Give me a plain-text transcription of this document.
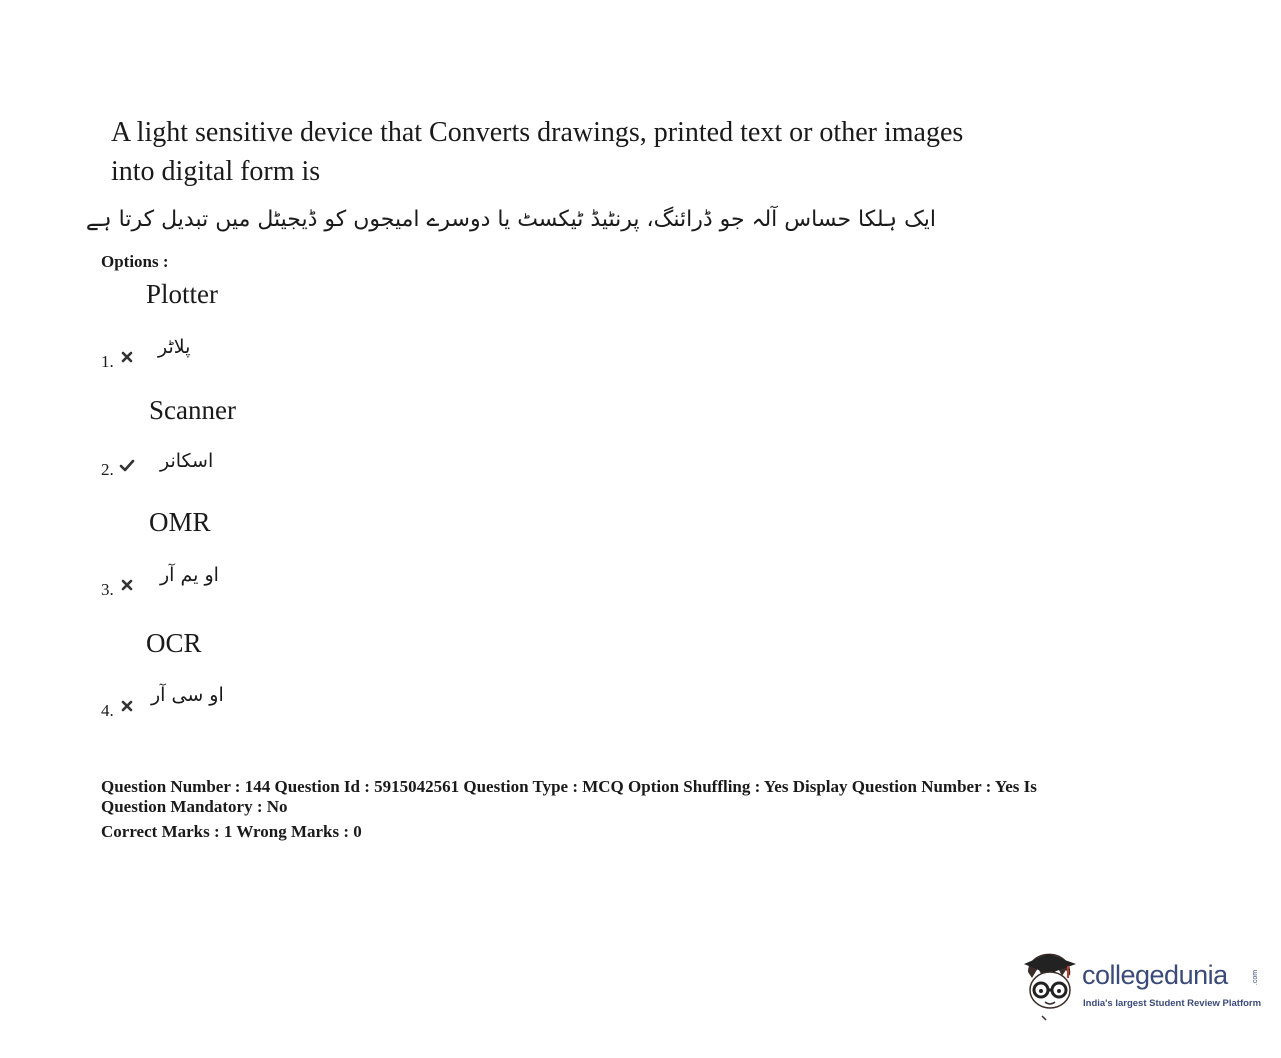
A light sensitive device that Converts drawings, printed text or other images into digital form is
ایک ہلکا حساس آلہ جو ڈرائنگ، پرنٹیڈ ٹیکسٹ یا دوسرے امیجوں کو ڈیجیٹل میں تبدیل کرتا ہے
Options :
Plotter
پلاٹر
1.
Scanner
اسکانر
2.
OMR
او یم آر
3.
OCR
او سی آر
4.
Question Number : 144 Question Id : 5915042561 Question Type : MCQ Option Shuffling : Yes Display Question Number : Yes Is
Question Mandatory : No
Correct Marks : 1 Wrong Marks : 0
collegedunia	.com
India's largest Student Review Platform
